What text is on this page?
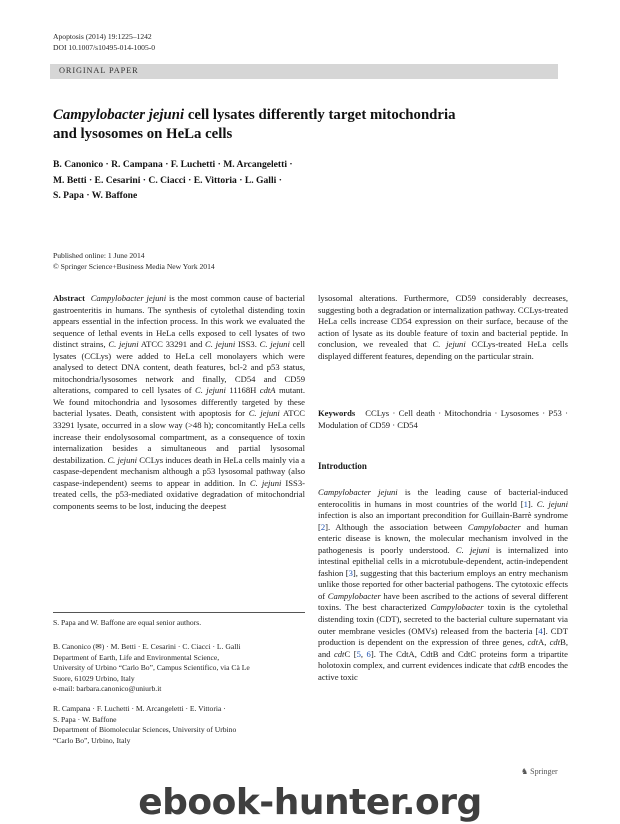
Apoptosis (2014) 19:1225–1242
DOI 10.1007/s10495-014-1005-0
ORIGINAL PAPER
Campylobacter jejuni cell lysates differently target mitochondria
and lysosomes on HeLa cells
B. Canonico · R. Campana · F. Luchetti · M. Arcangeletti ·
M. Betti · E. Cesarini · C. Ciacci · E. Vittoria · L. Galli ·
S. Papa · W. Baffone
Published online: 1 June 2014
© Springer Science+Business Media New York 2014

Abstract Campylobacter jejuni is the most common cause of bacterial gastroenteritis in humans. The synthesis of cytolethal distending toxin appears essential in the infection process. In this work we evaluated the sequence of lethal events in HeLa cells exposed to cell lysates of two distinct strains, C. jejuni ATCC 33291 and C. jejuni ISS3. C. jejuni cell lysates (CCLys) were added to HeLa cell monolayers which were analysed to detect DNA content, death features, bcl-2 and p53 status, mitochondria/lysosomes network and finally, CD54 and CD59 alterations, compared to cell lysates of C. jejuni 11168H cdtA mutant. We found mitochondria and lysosomes differently targeted by these bacterial lysates. Death, consistent with apoptosis for C. jejuni ATCC 33291 lysate, occurred in a slow way (>48 h); concomitantly HeLa cells increase their endolysosomal compartment, as a consequence of toxin internalization besides a simultaneous and partial lysosomal destabilization. C. jejuni CCLys induces death in HeLa cells mainly via a caspase-dependent mechanism although a p53 lysosomal pathway (also caspase-independent) seems to appear in addition. In C. jejuni ISS3-treated cells, the p53-mediated oxidative degradation of mitochondrial components seems to be lost, inducing the deepest

lysosomal alterations. Furthermore, CD59 considerably decreases, suggesting both a degradation or internalization pathway. CCLys-treated HeLa cells increase CD54 expression on their surface, because of the action of lysate as its double feature of toxin and bacterial peptide. In conclusion, we revealed that C. jejuni CCLys-treated HeLa cells displayed different features, depending on the particular strain.

Keywords CCLys · Cell death · Mitochondria · Lysosomes · P53 · Modulation of CD59 · CD54
S. Papa and W. Baffone are equal senior authors.
B. Canonico (✉) · M. Betti · E. Cesarini · C. Ciacci · L. Galli
Department of Earth, Life and Environmental Science,
University of Urbino “Carlo Bo”, Campus Scientifico, via Cà Le
Suore, 61029 Urbino, Italy
e-mail: barbara.canonico@uniurb.it
R. Campana · F. Luchetti · M. Arcangeletti · E. Vittoria ·
S. Papa · W. Baffone
Department of Biomolecular Sciences, University of Urbino
“Carlo Bo”, Urbino, Italy
Introduction

Campylobacter jejuni is the leading cause of bacterial-induced enterocolitis in humans in most countries of the world [1]. C. jejuni infection is also an important precondition for Guillain-Barrè syndrome [2]. Although the association between Campylobacter and human enteric disease is known, the molecular mechanism involved in the pathogenesis is poorly understood. C. jejuni is internalized into intestinal epithelial cells in a microtubule-dependent, actin-independent fashion [3], suggesting that this bacterium employs an entry mechanism unlike those reported for other bacterial pathogens. The cytotoxic effects of Campylobacter have been ascribed to the actions of several different toxins. The best characterized Campylobacter toxin is the cytolethal distending toxin (CDT), secreted to the bacterial culture supernatant via outer membrane vesicles (OMVs) released from the bacteria [4]. CDT production is dependent on the expression of three genes, cdtA, cdtB, and cdtC [5, 6]. The CdtA, CdtB and CdtC proteins form a tripartite holotoxin complex, and current evidences indicate that cdtB encodes the active toxic

♞ Springer
ebook-hunter.org
